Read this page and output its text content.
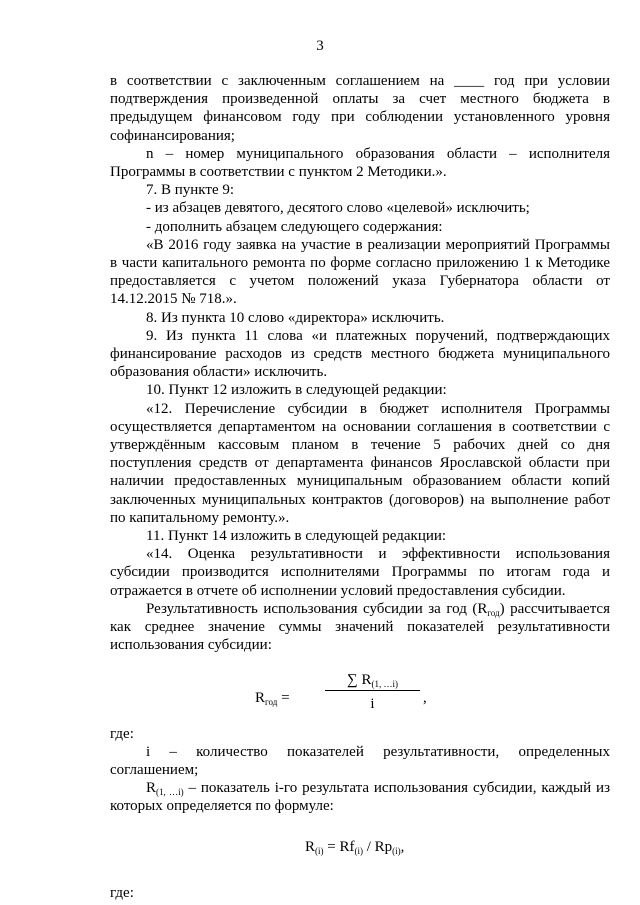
3

в соответствии с заключенным соглашением на ____ год при условии подтверждения произведенной оплаты за счет местного бюджета в предыдущем финансовом году при соблюдении установленного уровня софинансирования;

n – номер муниципального образования области – исполнителя Программы в соответствии с пунктом 2 Методики.».

7. В пункте 9:

- из абзацев девятого, десятого слово «целевой» исключить;

- дополнить абзацем следующего содержания:

«В 2016 году заявка на участие в реализации мероприятий Программы в части капитального ремонта по форме согласно приложению 1 к Методике предоставляется с учетом положений указа Губернатора области от 14.12.2015 № 718.».

8. Из пункта 10 слово «директора» исключить.

9. Из пункта 11 слова «и платежных поручений, подтверждающих финансирование расходов из средств местного бюджета муниципального образования области» исключить.

10. Пункт 12 изложить в следующей редакции:

«12. Перечисление субсидии в бюджет исполнителя Программы осуществляется департаментом на основании соглашения в соответствии с утверждённым кассовым планом в течение 5 рабочих дней со дня поступления средств от департамента финансов Ярославской области при наличии предоставленных муниципальным образованием области копий заключенных муниципальных контрактов (договоров) на выполнение работ по капитальному ремонту.».

11. Пункт 14 изложить в следующей редакции:

«14. Оценка результативности и эффективности использования субсидии производится исполнителями Программы по итогам года и отражается в отчете об исполнении условий предоставления субсидии.

Результативность использования субсидии за год $(R_{год})$ рассчитывается как среднее значение суммы значений показателей результативности использования субсидии:

$R_{год}$ =
∑ $R_{(1, \dots i)}$
i	,

где:

i – количество показателей результативности, определенных соглашением;

$R_{(1, \dots i)}$ – показатель i-го результата использования субсидии, каждый из которых определяется по формуле:

$R_{(i)} = Rf_{(i)} / Rp_{(i)}$,

где:
